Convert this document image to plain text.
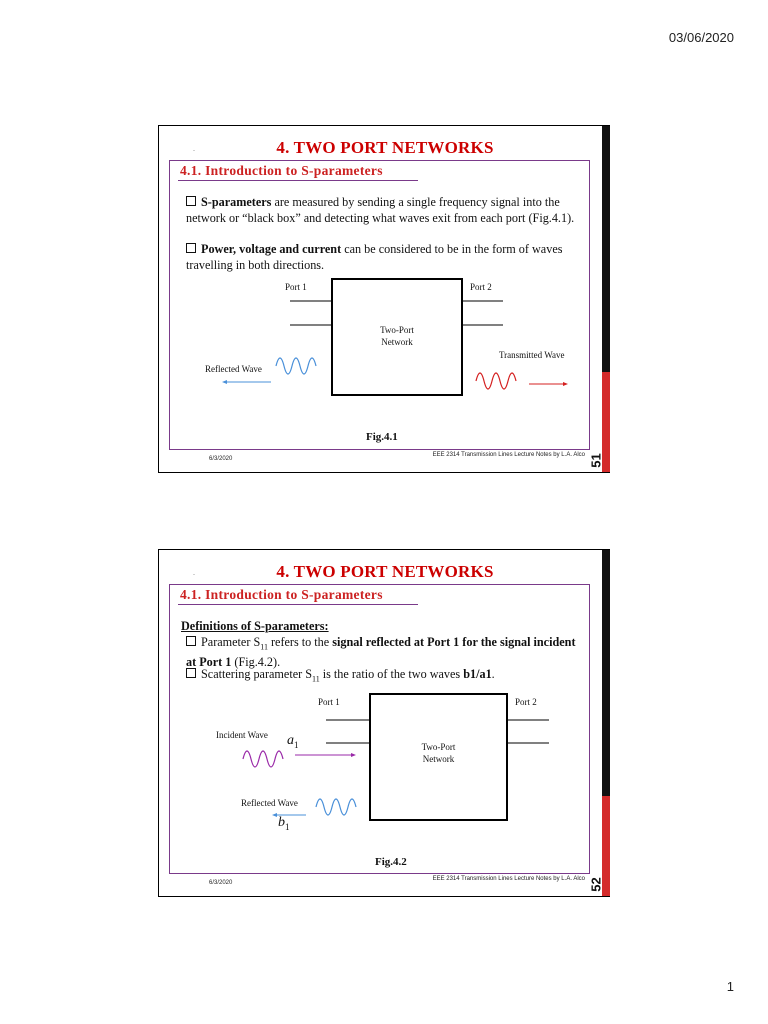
03/06/2020
.	4. TWO PORT NETWORKS
4.1. Introduction to S-parameters
S-parameters are measured by sending a single frequency signal into the network or “black box” and detecting what waves exit from each port (Fig.4.1).
Power, voltage and current can be considered to be in the form of waves travelling in both directions.
Two-Port
Network
Port 1	Port 2
Reflected Wave
Transmitted Wave
Fig.4.1
6/3/2020
EEE 2314 Transmission Lines Lecture Notes by L.A. Alco 51
.	4. TWO PORT NETWORKS
4.1. Introduction to S-parameters
Definitions of S-parameters:
Parameter $S_{11}$ refers to the signal reflected at Port 1 for the signal incident at Port 1 (Fig.4.2).
Scattering parameter $S_{11}$ is the ratio of the two waves b1/a1.
Two-Port
Network
Port 1	Port 2
Incident Wave
Reflected Wave
$a_1$
$b_1$
Fig.4.2
6/3/2020
EEE 2314 Transmission Lines Lecture Notes by L.A. Alco 52
1
